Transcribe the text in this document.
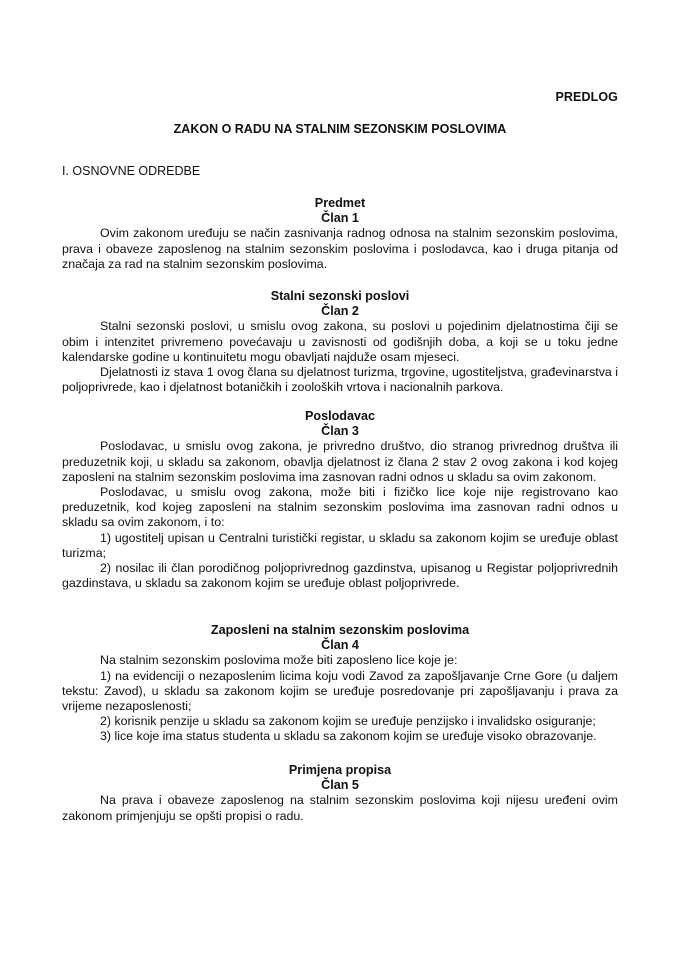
PREDLOG
ZAKON O RADU NA STALNIM SEZONSKIM POSLOVIMA
I. OSNOVNE ODREDBE
Predmet
Član 1

Ovim zakonom uređuju se način zasnivanja radnog odnosa na stalnim sezonskim poslovima, prava i obaveze zaposlenog na stalnim sezonskim poslovima i poslodavca, kao i druga pitanja od značaja za rad na stalnim sezonskim poslovima.

Stalni sezonski poslovi
Član 2

Stalni sezonski poslovi, u smislu ovog zakona, su poslovi u pojedinim djelatnostima čiji se obim i intenzitet privremeno povećavaju u zavisnosti od godišnjih doba, a koji se u toku jedne kalendarske godine u kontinuitetu mogu obavljati najduže osam mjeseci.

Djelatnosti iz stava 1 ovog člana su djelatnost turizma, trgovine, ugostiteljstva, građevinarstva i poljoprivrede, kao i djelatnost botaničkih i zooloških vrtova i nacionalnih parkova.

Poslodavac
Član 3

Poslodavac, u smislu ovog zakona, je privredno društvo, dio stranog privrednog društva ili preduzetnik koji, u skladu sa zakonom, obavlja djelatnost iz člana 2 stav 2 ovog zakona i kod kojeg zaposleni na stalnim sezonskim poslovima ima zasnovan radni odnos u skladu sa ovim zakonom.

Poslodavac, u smislu ovog zakona, može biti i fizičko lice koje nije registrovano kao preduzetnik, kod kojeg zaposleni na stalnim sezonskim poslovima ima zasnovan radni odnos u skladu sa ovim zakonom, i to:

1) ugostitelj upisan u Centralni turistički registar, u skladu sa zakonom kojim se uređuje oblast turizma;

2) nosilac ili član porodičnog poljoprivrednog gazdinstva, upisanog u Registar poljoprivrednih gazdinstava, u skladu sa zakonom kojim se uređuje oblast poljoprivrede.

Zaposleni na stalnim sezonskim poslovima
Član 4

Na stalnim sezonskim poslovima može biti zaposleno lice koje je:

1) na evidenciji o nezaposlenim licima koju vodi Zavod za zapošljavanje Crne Gore (u daljem tekstu: Zavod), u skladu sa zakonom kojim se uređuje posredovanje pri zapošljavanju i prava za vrijeme nezaposlenosti;

2) korisnik penzije u skladu sa zakonom kojim se uređuje penzijsko i invalidsko osiguranje;

3) lice koje ima status studenta u skladu sa zakonom kojim se uređuje visoko obrazovanje.

Primjena propisa
Član 5

Na prava i obaveze zaposlenog na stalnim sezonskim poslovima koji nijesu uređeni ovim zakonom primjenjuju se opšti propisi o radu.
